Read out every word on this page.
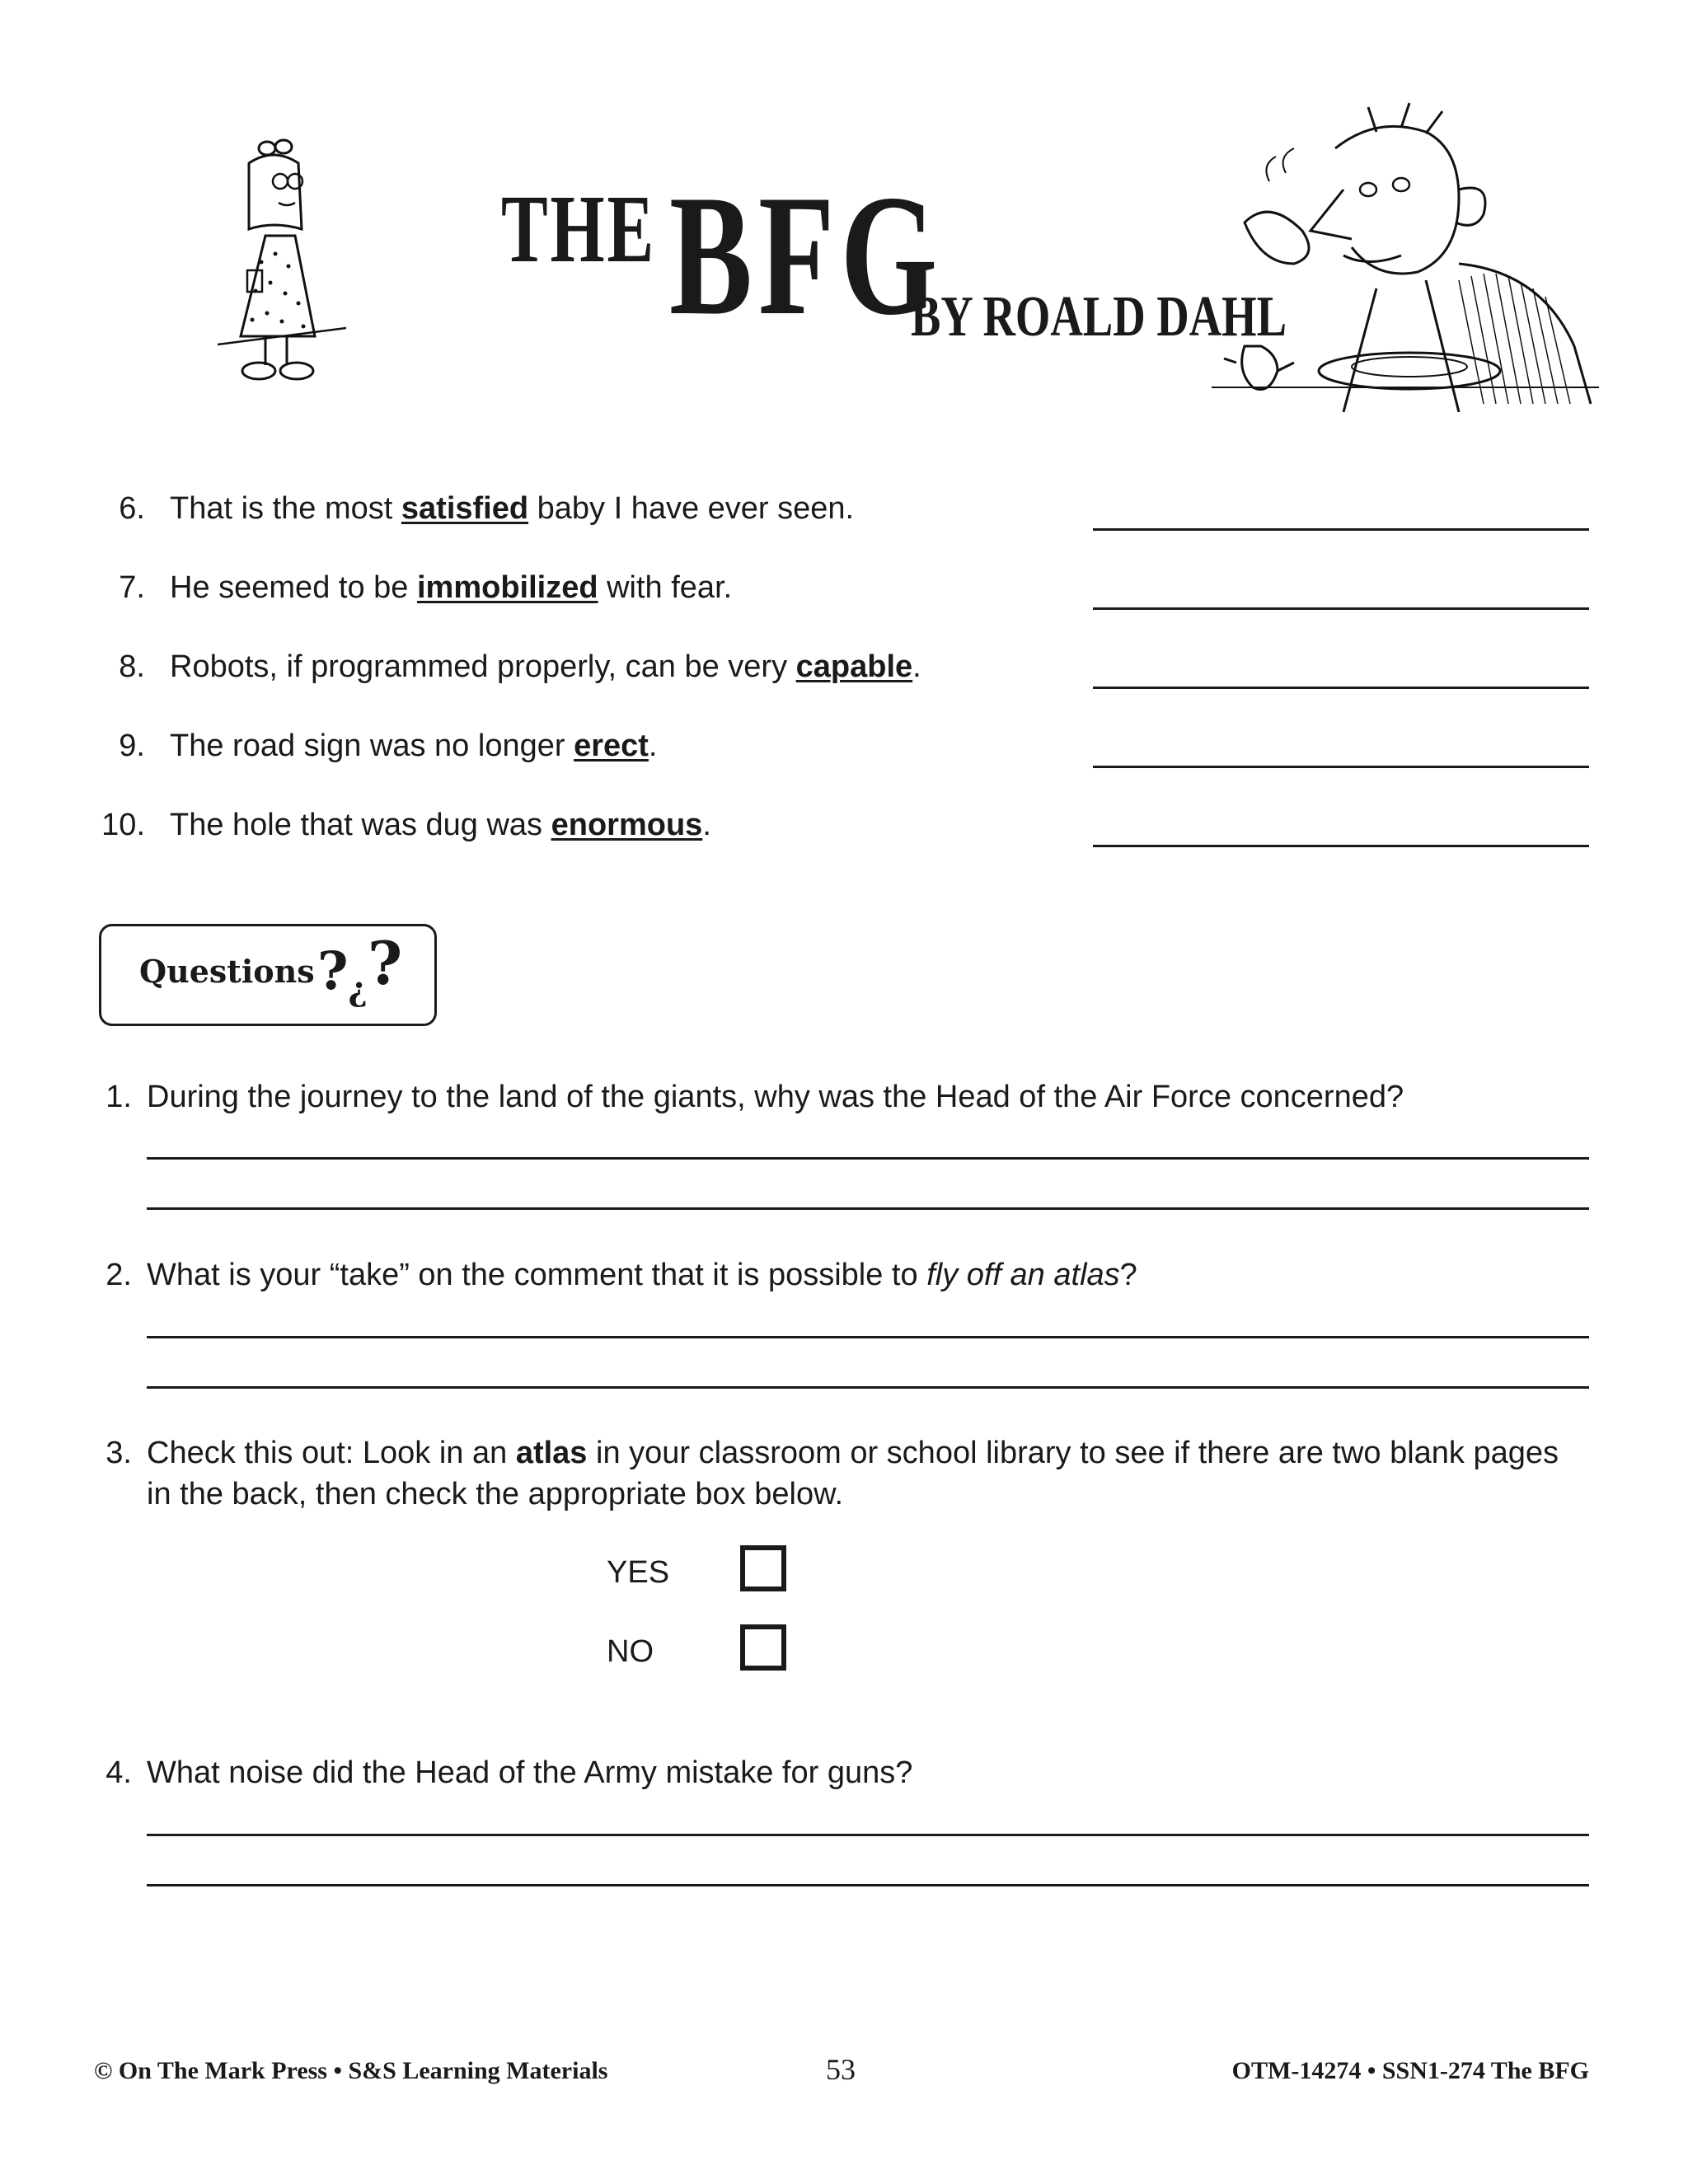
THE BFG
BY ROALD DAHL
6. That is the most satisfied baby I have ever seen.
7. He seemed to be immobilized with fear.
8. Robots, if programmed properly, can be very capable.
9. The road sign was no longer erect.
10. The hole that was dug was enormous.
Questions ?¿?
1. During the journey to the land of the giants, why was the Head of the Air Force concerned?
2. What is your “take” on the comment that it is possible to fly off an atlas?
3. Check this out: Look in an atlas in your classroom or school library to see if there are two blank pages in the back, then check the appropriate box below.
YES
NO
4. What noise did the Head of the Army mistake for guns?
© On The Mark Press • S&S Learning Materials	53	OTM-14274 • SSN1-274 The BFG
